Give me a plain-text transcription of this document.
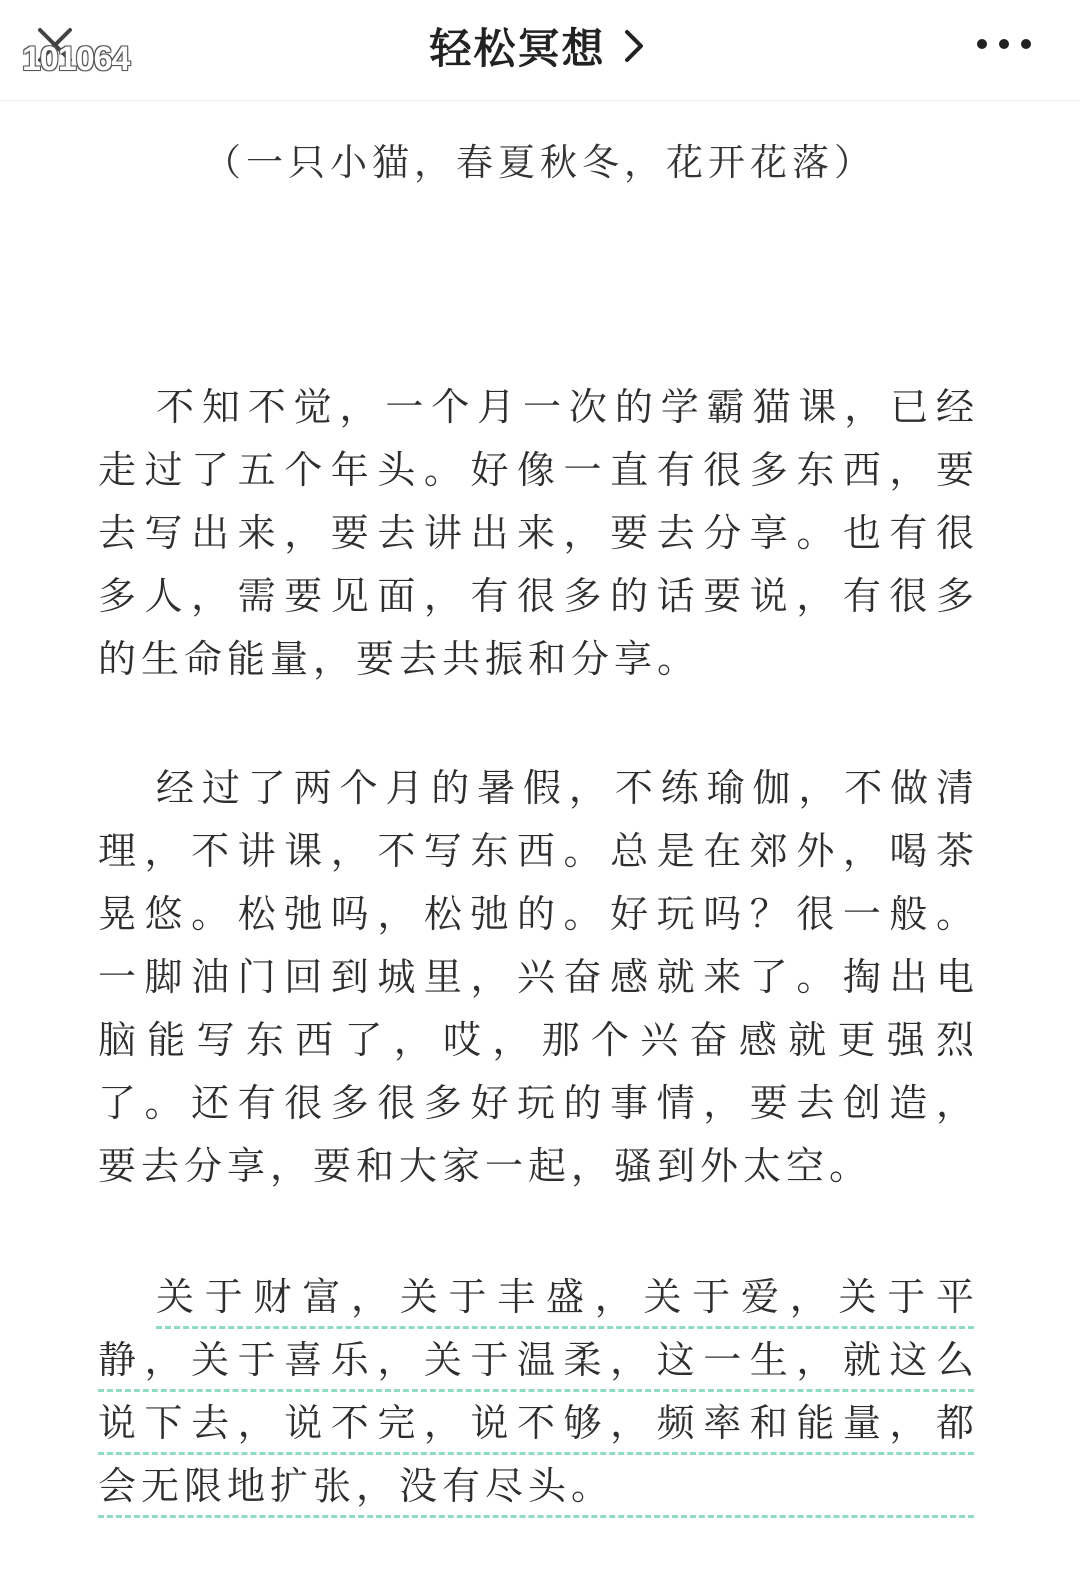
101064	轻松冥想
（一只小猫，春夏秋冬，花开花落）
不知不觉，一个月一次的学霸猫课，已经
走过了五个年头。好像一直有很多东西，要
去写出来，要去讲出来，要去分享。也有很
多人，需要见面，有很多的话要说，有很多
的生命能量，要去共振和分享。
经过了两个月的暑假，不练瑜伽，不做清
理，不讲课，不写东西。总是在郊外，喝茶
晃悠。松弛吗，松弛的。好玩吗？很一般。
一脚油门回到城里，兴奋感就来了。掏出电
脑能写东西了，哎，那个兴奋感就更强烈
了。还有很多很多好玩的事情，要去创造，
要去分享，要和大家一起，骚到外太空。
关于财富，关于丰盛，关于爱，关于平
静，关于喜乐，关于温柔，这一生，就这么
说下去，说不完，说不够，频率和能量，都
会无限地扩张，没有尽头。
